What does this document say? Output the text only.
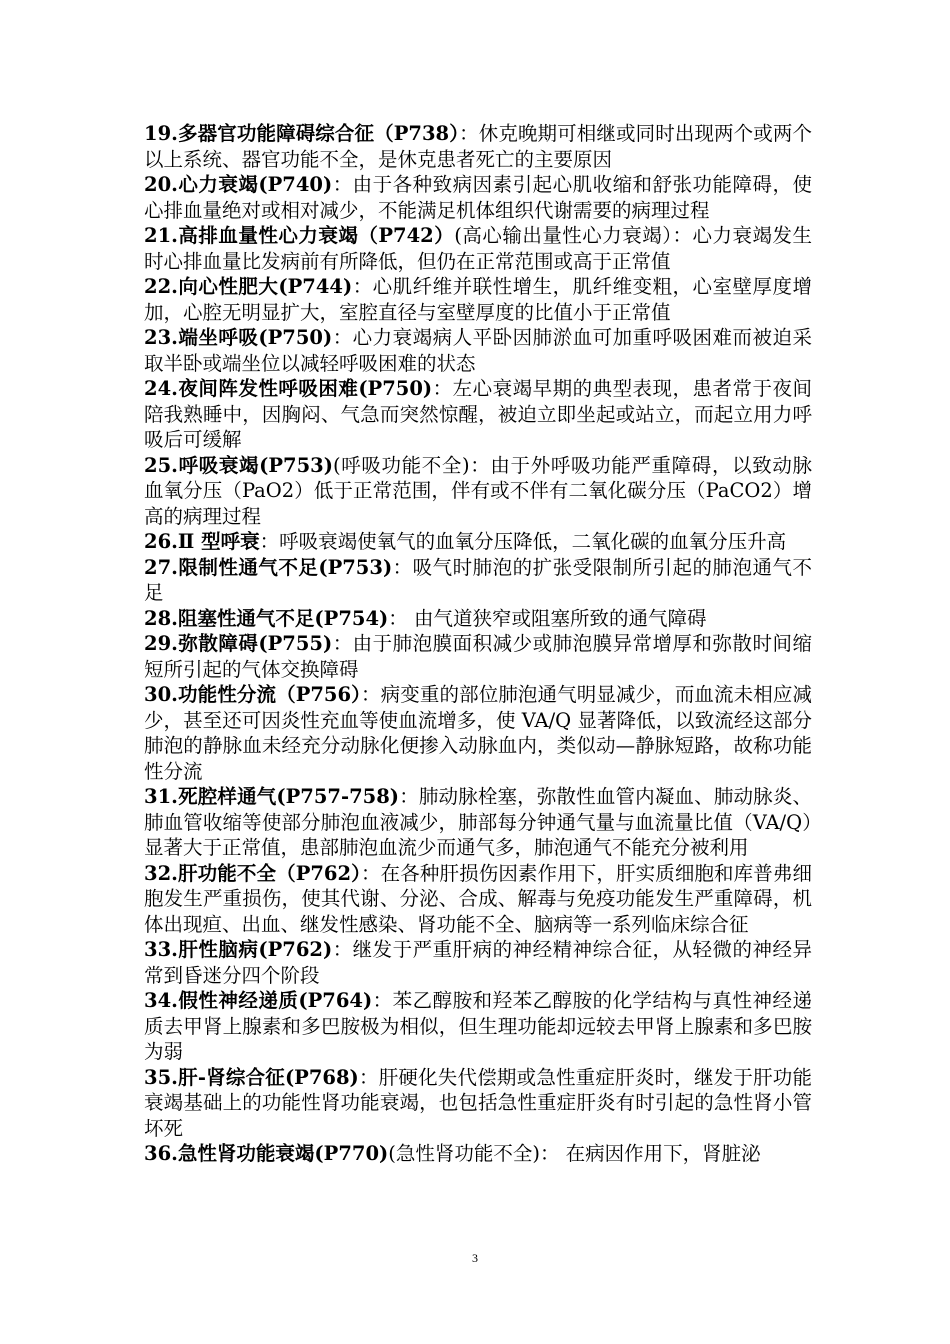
19.多器官功能障碍综合征（P738）：休克晚期可相继或同时出现两个或两个以上系统、器官功能不全，是休克患者死亡的主要原因

20.心力衰竭(P740)：由于各种致病因素引起心肌收缩和舒张功能障碍，使心排血量绝对或相对减少，不能满足机体组织代谢需要的病理过程

21.高排血量性心力衰竭（P742）(高心输出量性心力衰竭）：心力衰竭发生时心排血量比发病前有所降低，但仍在正常范围或高于正常值

22.向心性肥大(P744)：心肌纤维并联性增生，肌纤维变粗，心室壁厚度增加，心腔无明显扩大，室腔直径与室壁厚度的比值小于正常值

23.端坐呼吸(P750)：心力衰竭病人平卧因肺淤血可加重呼吸困难而被迫采取半卧或端坐位以减轻呼吸困难的状态

24.夜间阵发性呼吸困难(P750)：左心衰竭早期的典型表现，患者常于夜间陪我熟睡中，因胸闷、气急而突然惊醒，被迫立即坐起或站立，而起立用力呼吸后可缓解

25.呼吸衰竭(P753)(呼吸功能不全)：由于外呼吸功能严重障碍，以致动脉血氧分压（PaO2）低于正常范围，伴有或不伴有二氧化碳分压（PaCO2）增高的病理过程

26.Ⅱ 型呼衰：呼吸衰竭使氧气的血氧分压降低，二氧化碳的血氧分压升高

27.限制性通气不足(P753)：吸气时肺泡的扩张受限制所引起的肺泡通气不足

28.阻塞性通气不足(P754)： 由气道狭窄或阻塞所致的通气障碍

29.弥散障碍(P755)：由于肺泡膜面积减少或肺泡膜异常增厚和弥散时间缩短所引起的气体交换障碍

30.功能性分流（P756）：病变重的部位肺泡通气明显减少，而血流未相应减少，甚至还可因炎性充血等使血流增多，使 VA/Q 显著降低，以致流经这部分肺泡的静脉血未经充分动脉化便掺入动脉血内，类似动—静脉短路，故称功能性分流

31.死腔样通气(P757-758)：肺动脉栓塞，弥散性血管内凝血、肺动脉炎、肺血管收缩等使部分肺泡血液减少，肺部每分钟通气量与血流量比值（VA/Q）显著大于正常值，患部肺泡血流少而通气多，肺泡通气不能充分被利用

32.肝功能不全（P762）：在各种肝损伤因素作用下，肝实质细胞和库普弗细胞发生严重损伤，使其代谢、分泌、合成、解毒与免疫功能发生严重障碍，机体出现疸、出血、继发性感染、肾功能不全、脑病等一系列临床综合征

33.肝性脑病(P762)：继发于严重肝病的神经精神综合征，从轻微的神经异常到昏迷分四个阶段

34.假性神经递质(P764)：苯乙醇胺和羟苯乙醇胺的化学结构与真性神经递质去甲肾上腺素和多巴胺极为相似，但生理功能却远较去甲肾上腺素和多巴胺为弱

35.肝-肾综合征(P768)：肝硬化失代偿期或急性重症肝炎时，继发于肝功能衰竭基础上的功能性肾功能衰竭，也包括急性重症肝炎有时引起的急性肾小管坏死

36.急性肾功能衰竭(P770)(急性肾功能不全)： 在病因作用下，肾脏泌

3
